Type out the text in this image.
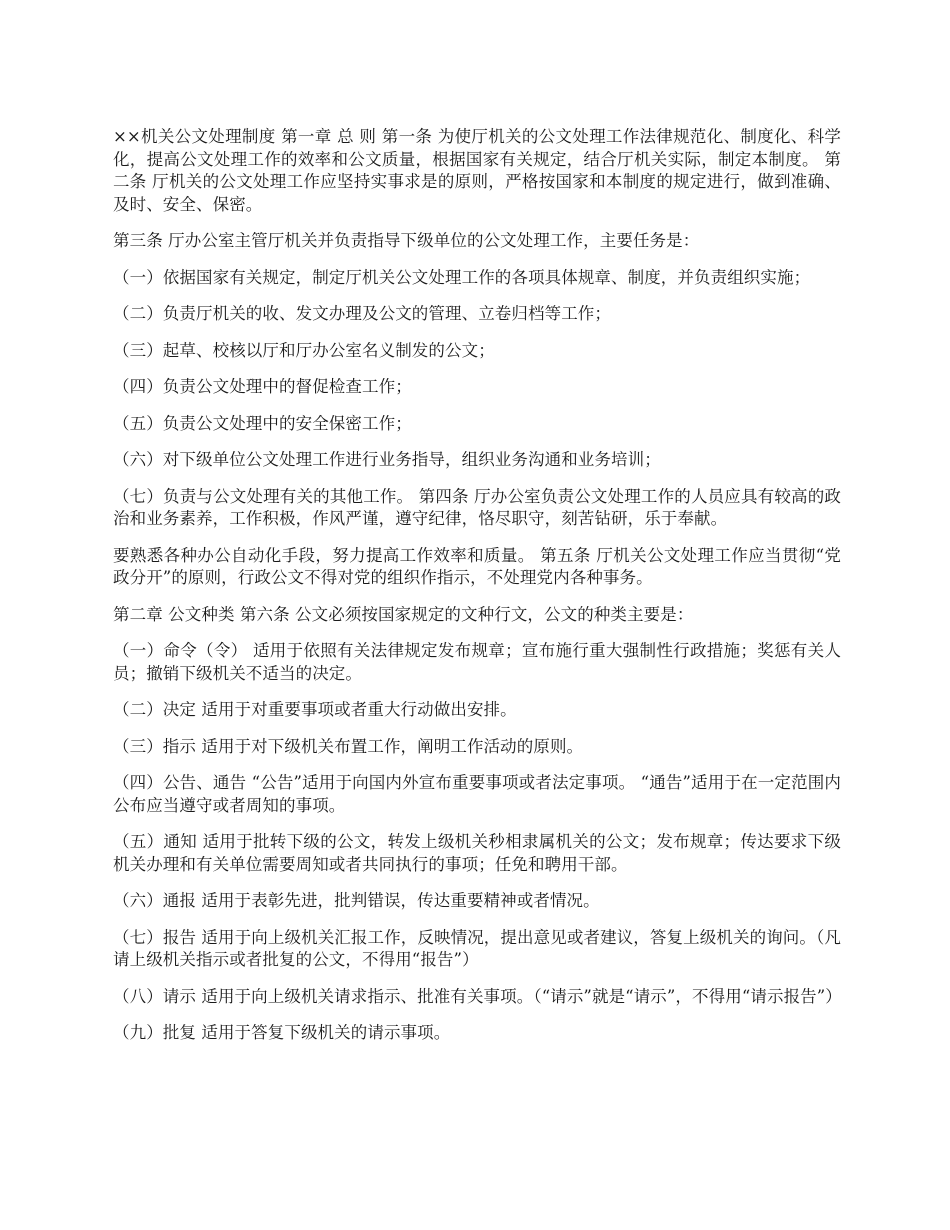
××机关公文处理制度 第一章 总 则 第一条 为使厅机关的公文处理工作法律规范化、制度化、科学化，提高公文处理工作的效率和公文质量，根据国家有关规定，结合厅机关实际，制定本制度。 第二条 厅机关的公文处理工作应坚持实事求是的原则，严格按国家和本制度的规定进行，做到准确、及时、安全、保密。

第三条 厅办公室主管厅机关并负责指导下级单位的公文处理工作，主要任务是：

（一）依据国家有关规定，制定厅机关公文处理工作的各项具体规章、制度，并负责组织实施；

（二）负责厅机关的收、发文办理及公文的管理、立卷归档等工作；

（三）起草、校核以厅和厅办公室名义制发的公文；

（四）负责公文处理中的督促检查工作；

（五）负责公文处理中的安全保密工作；

（六）对下级单位公文处理工作进行业务指导，组织业务沟通和业务培训；

（七）负责与公文处理有关的其他工作。 第四条 厅办公室负责公文处理工作的人员应具有较高的政治和业务素养，工作积极，作风严谨，遵守纪律，恪尽职守，刻苦钻研，乐于奉献。

要熟悉各种办公自动化手段，努力提高工作效率和质量。 第五条 厅机关公文处理工作应当贯彻“党政分开”的原则，行政公文不得对党的组织作指示，不处理党内各种事务。

第二章 公文种类 第六条 公文必须按国家规定的文种行文，公文的种类主要是：

（一）命令（令） 适用于依照有关法律规定发布规章；宣布施行重大强制性行政措施；奖惩有关人员；撤销下级机关不适当的决定。

（二）决定 适用于对重要事项或者重大行动做出安排。

（三）指示 适用于对下级机关布置工作，阐明工作活动的原则。

（四）公告、通告 “公告”适用于向国内外宣布重要事项或者法定事项。 “通告”适用于在一定范围内公布应当遵守或者周知的事项。

（五）通知 适用于批转下级的公文，转发上级机关秒相隶属机关的公文；发布规章；传达要求下级机关办理和有关单位需要周知或者共同执行的事项；任免和聘用干部。

（六）通报 适用于表彰先进，批判错误，传达重要精神或者情况。

（七）报告 适用于向上级机关汇报工作，反映情况，提出意见或者建议，答复上级机关的询问。（凡请上级机关指示或者批复的公文，不得用“报告”）

（八）请示 适用于向上级机关请求指示、批准有关事项。（“请示”就是“请示”，不得用“请示报告”）

（九）批复 适用于答复下级机关的请示事项。
